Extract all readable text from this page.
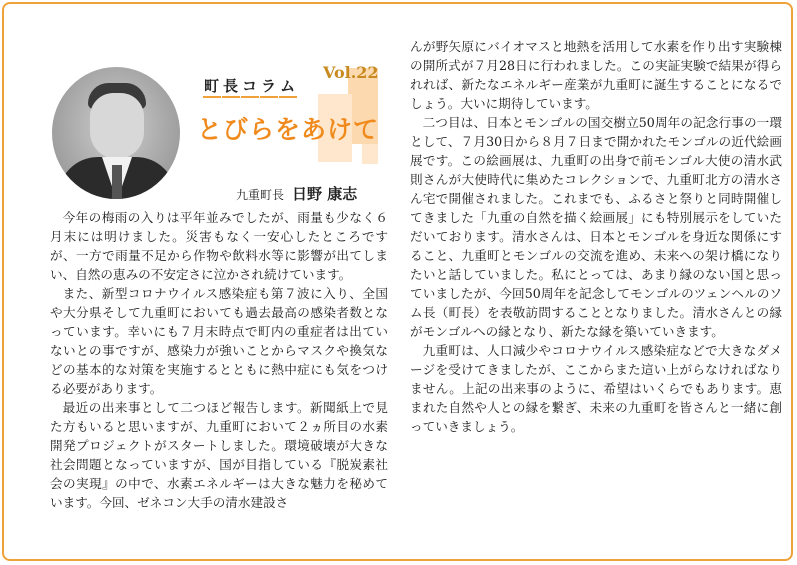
町 長 コ ラ ム
Vol.22
とびらをあけて
九重町長 日野 康志

今年の梅雨の入りは平年並みでしたが、雨量も少なく６月末には明けました。災害もなく一安心したところですが、一方で雨量不足から作物や飲料水等に影響が出てしまい、自然の恵みの不安定さに泣かされ続けています。

また、新型コロナウイルス感染症も第７波に入り、全国や大分県そして九重町においても過去最高の感染者数となっています。幸いにも７月末時点で町内の重症者は出ていないとの事ですが、感染力が強いことからマスクや換気などの基本的な対策を実施するとともに熱中症にも気をつける必要があります。

最近の出来事として二つほど報告します。新聞紙上で見た方もいると思いますが、九重町において２ヵ所目の水素開発プロジェクトがスタートしました。環境破壊が大きな社会問題となっていますが、国が目指している『脱炭素社会の実現』の中で、水素エネルギーは大きな魅力を秘めています。今回、ゼネコン大手の清水建設さ

んが野矢原にバイオマスと地熱を活用して水素を作り出す実験棟の開所式が７月28日に行われました。この実証実験で結果が得られれば、新たなエネルギー産業が九重町に誕生することになるでしょう。大いに期待しています。

二つ目は、日本とモンゴルの国交樹立50周年の記念行事の一環として、７月30日から８月７日まで開かれたモンゴルの近代絵画展です。この絵画展は、九重町の出身で前モンゴル大使の清水武則さんが大使時代に集めたコレクションで、九重町北方の清水さん宅で開催されました。これまでも、ふるさと祭りと同時開催してきました「九重の自然を描く絵画展」にも特別展示をしていただいております。清水さんは、日本とモンゴルを身近な関係にすること、九重町とモンゴルの交流を進め、未来への架け橋になりたいと話していました。私にとっては、あまり縁のない国と思っていましたが、今回50周年を記念してモンゴルのツェンヘルのソム長（町長）を表敬訪問することとなりました。清水さんとの縁がモンゴルへの縁となり、新たな縁を築いていきます。

九重町は、人口減少やコロナウイルス感染症などで大きなダメージを受けてきましたが、ここからまた這い上がらなければなりません。上記の出来事のように、希望はいくらでもあります。恵まれた自然や人との縁を繋ぎ、未来の九重町を皆さんと一緒に創っていきましょう。
